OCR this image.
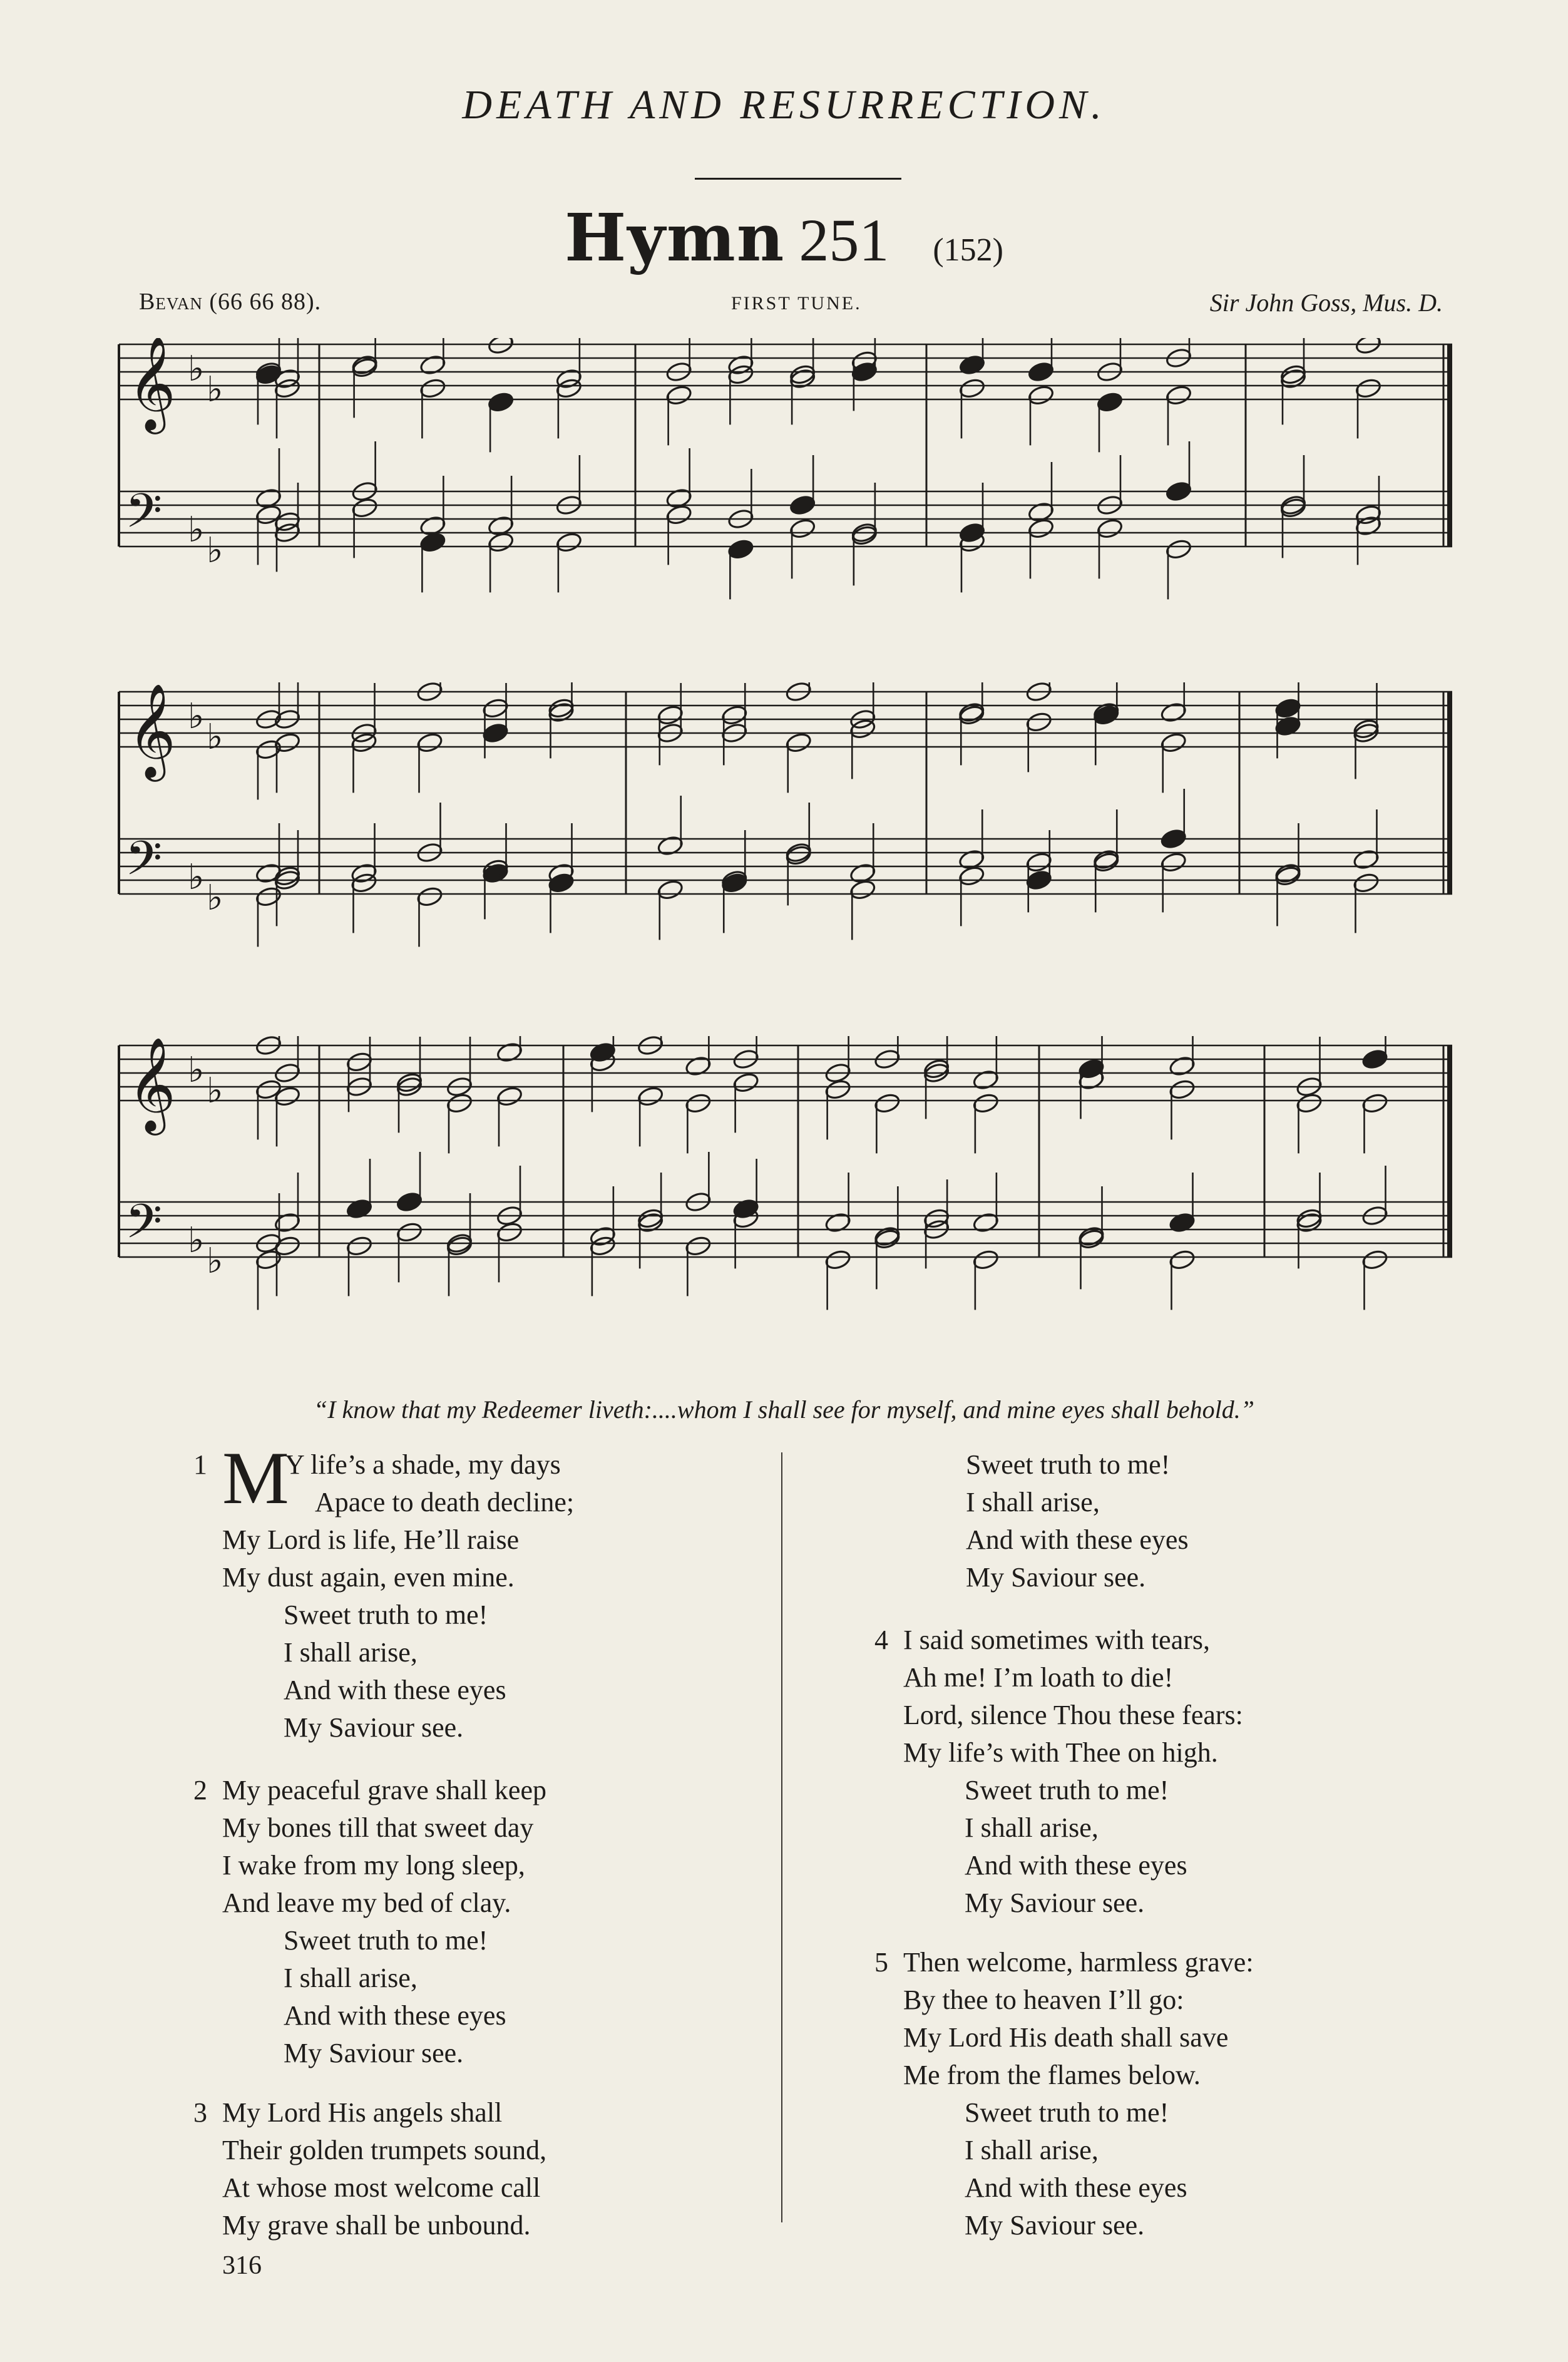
DEATH AND RESURRECTION.
Hymn 251 (152)
Bevan (66 66 88).	FIRST TUNE.	Sir John Goss, Mus. D.
𝄞
𝄢
♭
♭
♭
♭
𝄞
𝄢
♭
♭
♭
♭
𝄞
𝄢
♭
♭
♭
♭
“I know that my Redeemer liveth:....whom I shall see for myself, and mine eyes shall behold.”
1 M
Y life’s a shade, my days
Apace to death decline;
My Lord is life, He’ll raise
My dust again, even mine.
Sweet truth to me!
I shall arise,
And with these eyes
My Saviour see.
2 My peaceful grave shall keep
My bones till that sweet day
I wake from my long sleep,
And leave my bed of clay.
Sweet truth to me!
I shall arise,
And with these eyes
My Saviour see.
3 My Lord His angels shall
Their golden trumpets sound,
At whose most welcome call
My grave shall be unbound.
Sweet truth to me!
I shall arise,
And with these eyes
My Saviour see.
4 I said sometimes with tears,
Ah me! I’m loath to die!
Lord, silence Thou these fears:
My life’s with Thee on high.
Sweet truth to me!
I shall arise,
And with these eyes
My Saviour see.
5 Then welcome, harmless grave:
By thee to heaven I’ll go:
My Lord His death shall save
Me from the flames below.
Sweet truth to me!
I shall arise,
And with these eyes
My Saviour see.
316
